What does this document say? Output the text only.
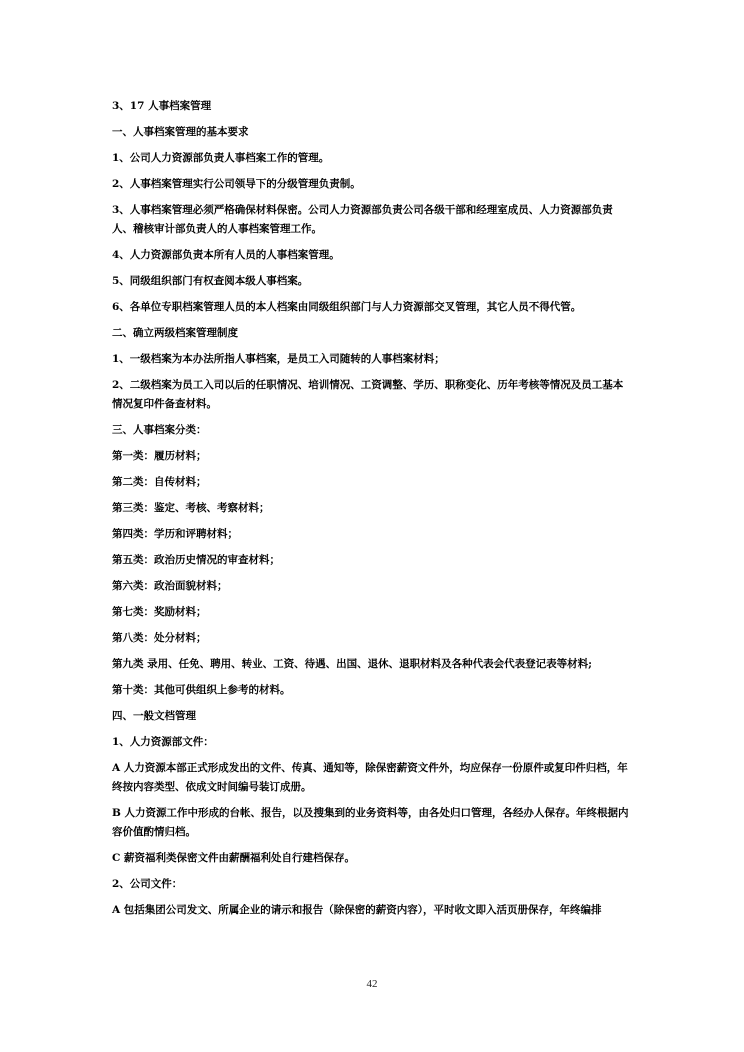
3、17 人事档案管理

一、人事档案管理的基本要求

1、公司人力资源部负责人事档案工作的管理。

2、人事档案管理实行公司领导下的分级管理负责制。

3、人事档案管理必须严格确保材料保密。公司人力资源部负责公司各级干部和经理室成员、人力资源部负责人、稽核审计部负责人的人事档案管理工作。

4、人力资源部负责本所有人员的人事档案管理。

5、同级组织部门有权查阅本级人事档案。

6、各单位专职档案管理人员的本人档案由同级组织部门与人力资源部交叉管理，其它人员不得代管。

二、确立两级档案管理制度

1、一级档案为本办法所指人事档案，是员工入司随转的人事档案材料；

2、二级档案为员工入司以后的任职情况、培训情况、工资调整、学历、职称变化、历年考核等情况及员工基本情况复印件备查材料。

三、人事档案分类：

第一类：履历材料；

第二类：自传材料；

第三类：鉴定、考核、考察材料；

第四类：学历和评聘材料；

第五类：政治历史情况的审查材料；

第六类：政治面貌材料；

第七类：奖励材料；

第八类：处分材料；

第九类 录用、任免、聘用、转业、工资、待遇、出国、退休、退职材料及各种代表会代表登记表等材料;

第十类：其他可供组织上参考的材料。

四、一般文档管理

1、人力资源部文件：

A 人力资源本部正式形成发出的文件、传真、通知等，除保密薪资文件外，均应保存一份原件或复印件归档，年终按内容类型、依成文时间编号装订成册。

B 人力资源工作中形成的台帐、报告，以及搜集到的业务资料等，由各处归口管理，各经办人保存。年终根据内容价值酌情归档。

C 薪资福利类保密文件由薪酬福利处自行建档保存。

2、公司文件：

A 包括集团公司发文、所属企业的请示和报告（除保密的薪资内容），平时收文即入活页册保存，年终编排

42
